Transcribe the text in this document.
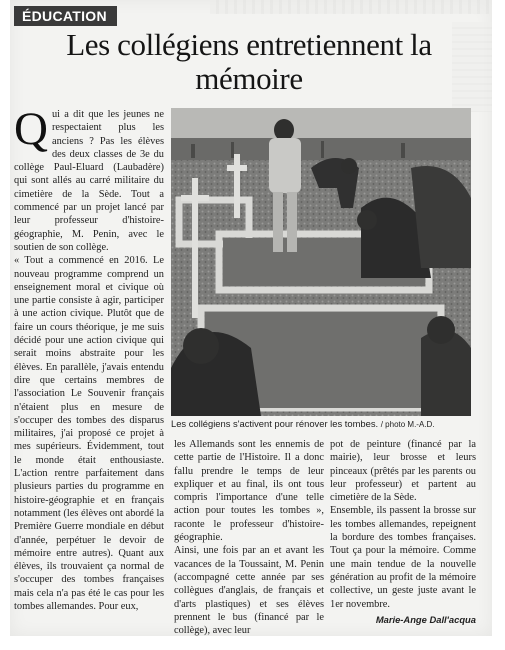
ÉDUCATION
Les collégiens entretiennent la mémoire

Qui a dit que les jeunes ne respectaient plus les anciens ? Pas les élèves des deux classes de 3e du collège Paul-Eluard (Laubadère) qui sont allés au carré militaire du cimetière de la Sède. Tout a commencé par un projet lancé par leur professeur d'histoire-géographie, M. Penin, avec le soutien de son collège.

« Tout a commencé en 2016. Le nouveau programme comprend un enseignement moral et civique où une partie consiste à agir, participer à une action civique. Plutôt que de faire un cours théorique, je me suis décidé pour une action civique qui serait moins abstraite pour les élèves. En parallèle, j'avais entendu dire que certains membres de l'association Le Souvenir français n'étaient plus en mesure de s'occuper des tombes des disparus militaires, j'ai proposé ce projet à mes supérieurs. Évidemment, tout le monde était enthousiaste. L'action rentre parfaitement dans plusieurs parties du programme en histoire-géographie et en français notamment (les élèves ont abordé la Première Guerre mondiale en début d'année, perpétuer le devoir de mémoire entre autres). Quant aux élèves, ils trouvaient ça normal de s'occuper des tombes françaises mais cela n'a pas été le cas pour les tombes allemandes. Pour eux,

Les collégiens s'activent pour rénover les tombes. / photo M.-A.D.

les Allemands sont les ennemis de cette partie de l'Histoire. Il a donc fallu prendre le temps de leur expliquer et au final, ils ont tous compris l'importance d'une telle action pour toutes les tombes », raconte le professeur d'histoire-géographie.

Ainsi, une fois par an et avant les vacances de la Toussaint, M. Penin (accompagné cette année par ses collègues d'anglais, de français et d'arts plastiques) et ses élèves prennent le bus (financé par le collège), avec leur

pot de peinture (financé par la mairie), leur brosse et leurs pinceaux (prêtés par les parents ou leur professeur) et partent au cimetière de la Sède.

Ensemble, ils passent la brosse sur les tombes allemandes, repeignent la bordure des tombes françaises. Tout ça pour la mémoire. Comme une main tendue de la nouvelle génération au profit de la mémoire collective, un geste juste avant le 1er novembre.

Marie-Ange Dall'acqua
